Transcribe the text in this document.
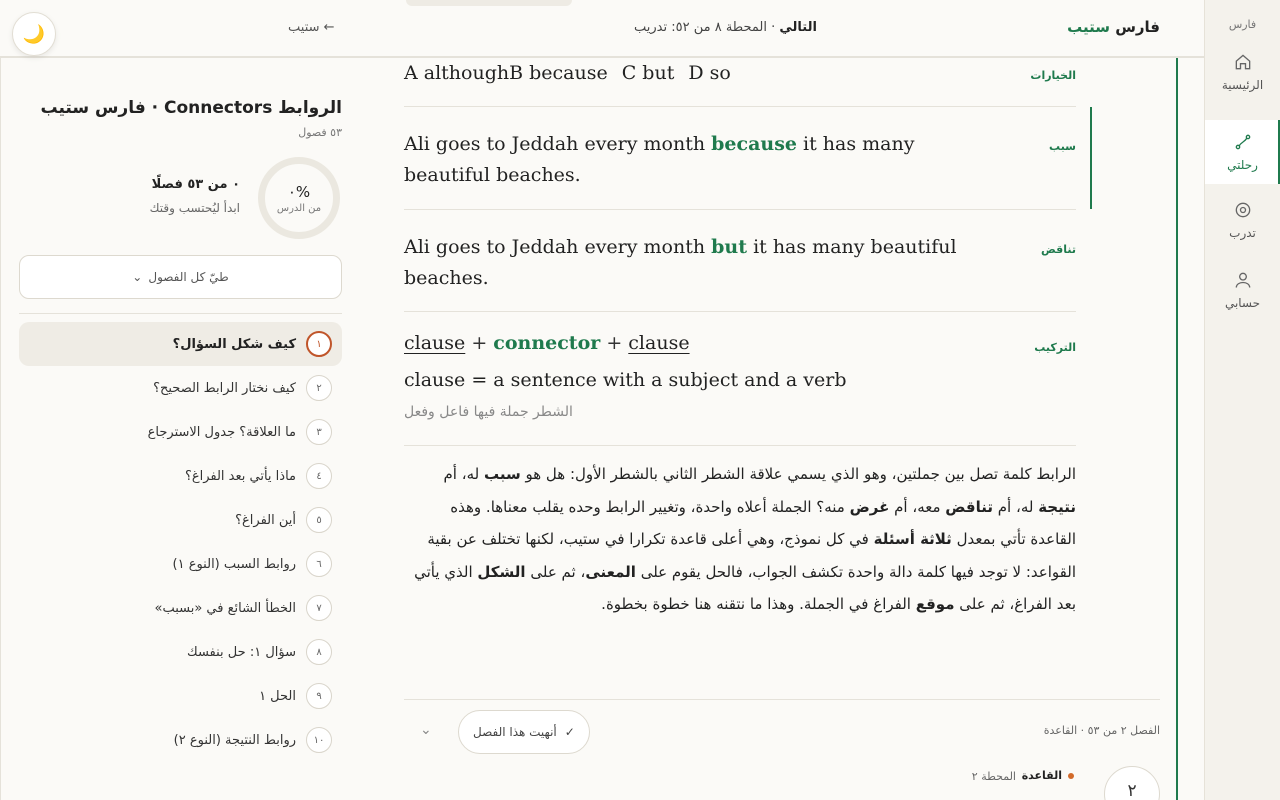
فارس
الرئيسية
رحلتي
تدرب
حسابي
فارس ستيب
التالي · المحطة ٨ من ٥٢: تدريب
← ستيب
🌙
الروابط Connectors · فارس ستيب
٥٣ فصول
%٠
من الدرس
٠ من ٥٣ فصلًا
ابدأ ليُحتسب وقتك
طيّ كل الفصول
⌄
١
كيف شكل السؤال؟
٢
كيف نختار الرابط الصحيح؟
٣
ما العلاقة؟ جدول الاسترجاع
٤
ماذا يأتي بعد الفراغ؟
٥
أين الفراغ؟
٦
روابط السبب (النوع ١)
٧
الخطأ الشائع في «بسبب»
٨
سؤال ١: حل بنفسك
٩
الحل ١
١٠
روابط النتيجة (النوع ٢)
الخيارات
A althoughB because C but D so
سبب
Ali goes to Jeddah every month because it has many beautiful beaches.
تناقض
Ali goes to Jeddah every month but it has many beautiful beaches.
التركيب
clause + connector + clause
clause = a sentence with a subject and a verb
الشطر جملة فيها فاعل وفعل

الرابط كلمة تصل بين جملتين، وهو الذي يسمي علاقة الشطر الثاني بالشطر الأول: هل هو سبب له، أم نتيجة له، أم تناقض معه، أم غرض منه؟ الجملة أعلاه واحدة، وتغيير الرابط وحده يقلب معناها. وهذه القاعدة تأتي بمعدل ثلاثة أسئلة في كل نموذج، وهي أعلى قاعدة تكرارا في ستيب، لكنها تختلف عن بقية القواعد: لا توجد فيها كلمة دالة واحدة تكشف الجواب، فالحل يقوم على المعنى، ثم على الشكل الذي يأتي بعد الفراغ، ثم على موقع الفراغ في الجملة. وهذا ما نتقنه هنا خطوة بخطوة.

الفصل ٢ من ٥٣ · القاعدة
✓
أنهيت هذا الفصل
⌄
٢
القاعدة
المحطة ٢
